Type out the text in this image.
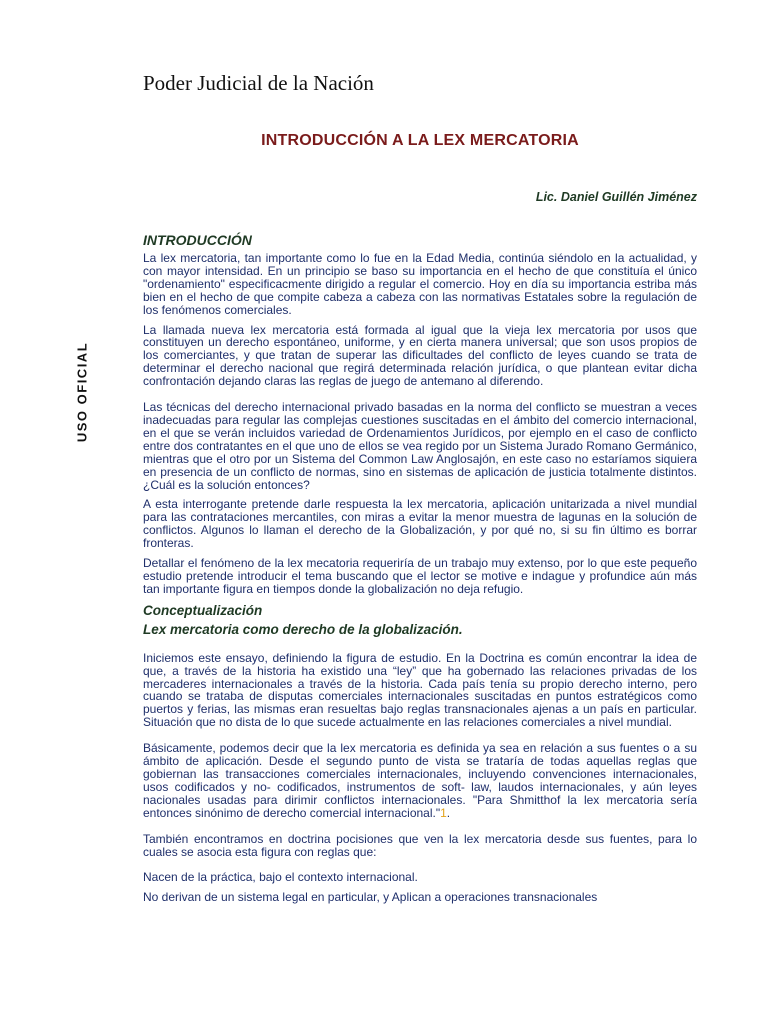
Poder Judicial de la Nación
INTRODUCCIÓN A LA LEX MERCATORIA
Lic. Daniel Guillén Jiménez
USO OFICIAL
INTRODUCCIÓN

La lex mercatoria, tan importante como lo fue en la Edad Media, continúa siéndolo en la actualidad, y con mayor intensidad. En un principio se baso su importancia en el hecho de que constituía el único "ordenamiento" especificacmente dirigido a regular el comercio. Hoy en día su importancia estriba más bien en el hecho de que compite cabeza a cabeza con las normativas Estatales sobre la regulación de los fenómenos comerciales.

La llamada nueva lex mercatoria está formada al igual que la vieja lex mercatoria por usos que constituyen un derecho espontáneo, uniforme, y en cierta manera universal; que son usos propios de los comerciantes, y que tratan de superar las dificultades del conflicto de leyes cuando se trata de determinar el derecho nacional que regirá determinada relación jurídica, o que plantean evitar dicha confrontación dejando claras las reglas de juego de antemano al diferendo.

Las técnicas del derecho internacional privado basadas en la norma del conflicto se muestran a veces inadecuadas para regular las complejas cuestiones suscitadas en el ámbito del comercio internacional, en el que se verán incluidos variedad de Ordenamientos Jurídicos, por ejemplo en el caso de conflicto entre dos contratantes en el que uno de ellos se vea regido por un Sistema Jurado Romano Germánico, mientras que el otro por un Sistema del Common Law Anglosajón, en este caso no estaríamos siquiera en presencia de un conflicto de normas, sino en sistemas de aplicación de justicia totalmente distintos. ¿Cuál es la solución entonces?

A esta interrogante pretende darle respuesta la lex mercatoria, aplicación unitarizada a nivel mundial para las contrataciones mercantiles, con miras a evitar la menor muestra de lagunas en la solución de conflictos. Algunos lo llaman el derecho de la Globalización, y por qué no, si su fin último es borrar fronteras.

Detallar el fenómeno de la lex mecatoria requeriría de un trabajo muy extenso, por lo que este pequeño estudio pretende introducir el tema buscando que el lector se motive e indague y profundice aún más tan importante figura en tiempos donde la globalización no deja refugio.

Conceptualización
Lex mercatoria como derecho de la globalización.

Iniciemos este ensayo, definiendo la figura de estudio. En la Doctrina es común encontrar la idea de que, a través de la historia ha existido una “ley” que ha gobernado las relaciones privadas de los mercaderes internacionales a través de la historia. Cada país tenía su propio derecho interno, pero cuando se trataba de disputas comerciales internacionales suscitadas en puntos estratégicos como puertos y ferias, las mismas eran resueltas bajo reglas transnacionales ajenas a un país en particular. Situación que no dista de lo que sucede actualmente en las relaciones comerciales a nivel mundial.

Básicamente, podemos decir que la lex mercatoria es definida ya sea en relación a sus fuentes o a su ámbito de aplicación. Desde el segundo punto de vista se trataría de todas aquellas reglas que gobiernan las transacciones comerciales internacionales, incluyendo convenciones internacionales, usos codificados y no- codificados, instrumentos de soft- law, laudos internacionales, y aún leyes nacionales usadas para dirimir conflictos internacionales. "Para Shmitthof la lex mercatoria sería entonces sinónimo de derecho comercial internacional."1.

También encontramos en doctrina pocisiones que ven la lex mercatoria desde sus fuentes, para lo cuales se asocia esta figura con reglas que:

Nacen de la práctica, bajo el contexto internacional.

No derivan de un sistema legal en particular, y Aplican a operaciones transnacionales
